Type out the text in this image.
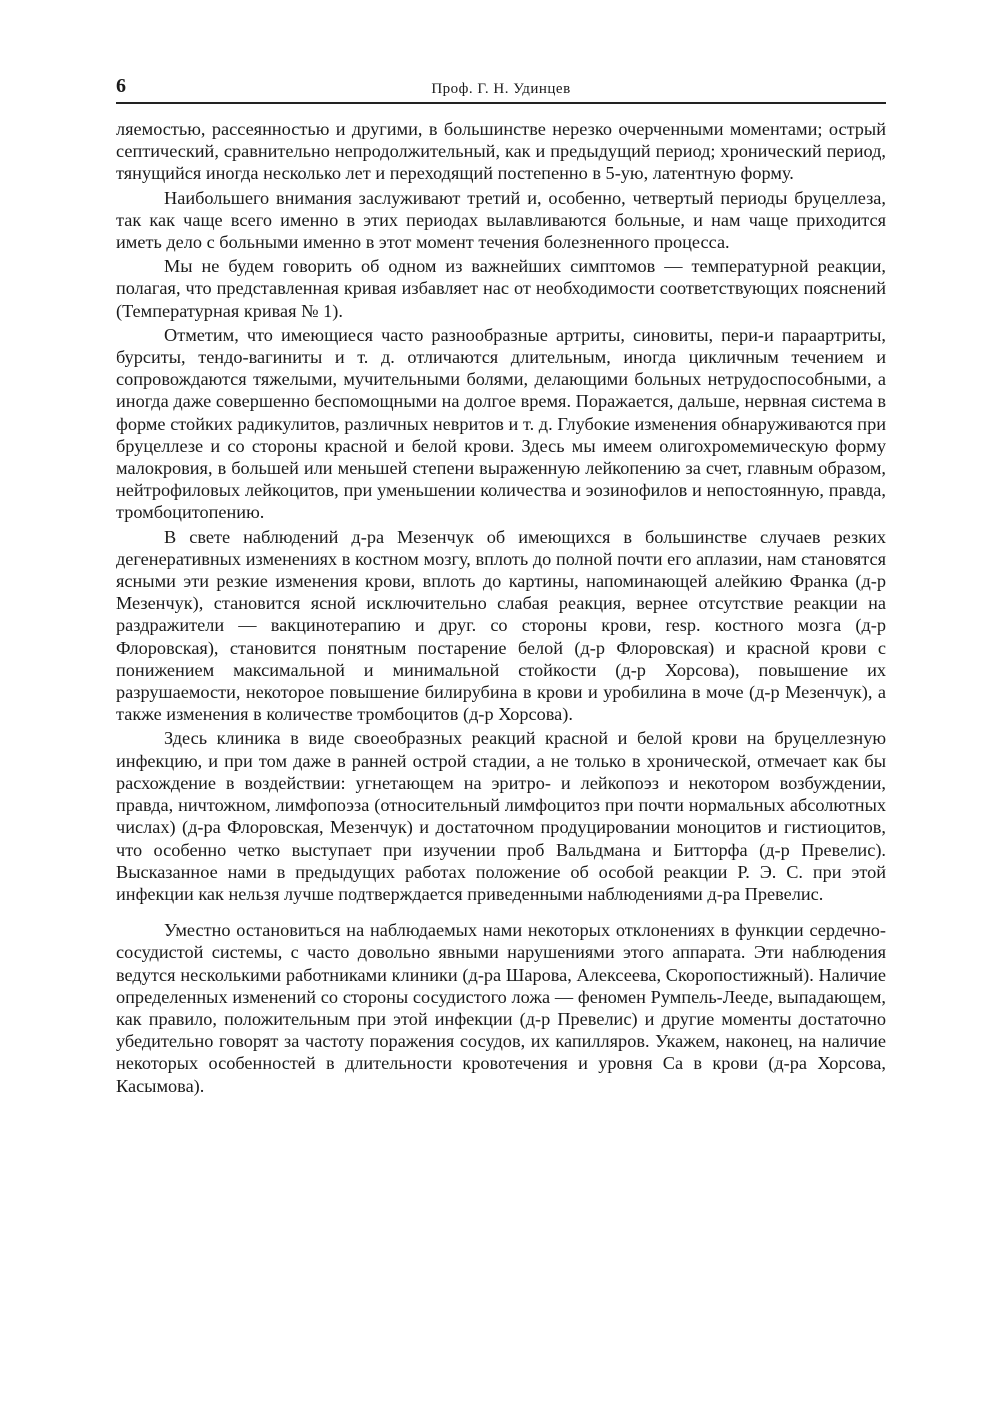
6	Проф. Г. Н. Удинцев

ляемостью, рассеянностью и другими, в большинстве нерезко очерченными моментами; острый септический, сравнительно непродолжительный, как и предыдущий период; хронический период, тянущийся иногда несколько лет и переходящий постепенно в 5-ую, латентную форму.

Наибольшего внимания заслуживают третий и, особенно, четвертый периоды бруцеллеза, так как чаще всего именно в этих периодах вылавливаются больные, и нам чаще приходится иметь дело с больными именно в этот момент течения болезненного процесса.

Мы не будем говорить об одном из важнейших симптомов — температурной реакции, полагая, что представленная кривая избавляет нас от необходимости соответствующих пояснений (Температурная кривая № 1).

Отметим, что имеющиеся часто разнообразные артриты, синовиты, пери-и параартриты, бурситы, тендо-вагиниты и т. д. отличаются длительным, иногда цикличным течением и сопровождаются тяжелыми, мучительными болями, делающими больных нетрудоспособными, а иногда даже совершенно беспомощными на долгое время. Поражается, дальше, нервная система в форме стойких радикулитов, различных невритов и т. д. Глубокие изменения обнаруживаются при бруцеллезе и со стороны красной и белой крови. Здесь мы имеем олигохромемическую форму малокровия, в большей или меньшей степени выраженную лейкопению за счет, главным образом, нейтрофиловых лейкоцитов, при уменьшении количества и эозинофилов и непостоянную, правда, тромбоцитопению.

В свете наблюдений д-ра Мезенчук об имеющихся в большинстве случаев резких дегенеративных изменениях в костном мозгу, вплоть до полной почти его аплазии, нам становятся ясными эти резкие изменения крови, вплоть до картины, напоминающей алейкию Франка (д-р Мезенчук), становится ясной исключительно слабая реакция, вернее отсутствие реакции на раздражители — вакцинотерапию и друг. со стороны крови, resp. костного мозга (д-р Флоровская), становится понятным постарение белой (д-р Флоровская) и красной крови с понижением максимальной и минимальной стойкости (д-р Хорсова), повышение их разрушаемости, некоторое повышение билирубина в крови и уробилина в моче (д-р Мезенчук), а также изменения в количестве тромбоцитов (д-р Хорсова).

Здесь клиника в виде своеобразных реакций красной и белой крови на бруцеллезную инфекцию, и при том даже в ранней острой стадии, а не только в хронической, отмечает как бы расхождение в воздействии: угнетающем на эритро- и лейкопоэз и некотором возбуждении, правда, ничтожном, лимфопоэза (относительный лимфоцитоз при почти нормальных абсолютных числах) (д-ра Флоровская, Мезенчук) и достаточном продуцировании моноцитов и гистиоцитов, что особенно четко выступает при изучении проб Вальдмана и Битторфа (д-р Превелис). Высказанное нами в предыдущих работах положение об особой реакции Р. Э. С. при этой инфекции как нельзя лучше подтверждается приведенными наблюдениями д-ра Превелис.

Уместно остановиться на наблюдаемых нами некоторых отклонениях в функции сердечно-сосудистой системы, с часто довольно явными нарушениями этого аппарата. Эти наблюдения ведутся несколькими работниками клиники (д-ра Шарова, Алексеева, Скоропостижный). Наличие определенных изменений со стороны сосудистого ложа — феномен Румпель-Лееде, выпадающем, как правило, положительным при этой инфекции (д-р Превелис) и другие моменты достаточно убедительно говорят за частоту поражения сосудов, их капилляров. Укажем, наконец, на наличие некоторых особенностей в длительности кровотечения и уровня Са в крови (д-ра Хорсова, Касымова).
